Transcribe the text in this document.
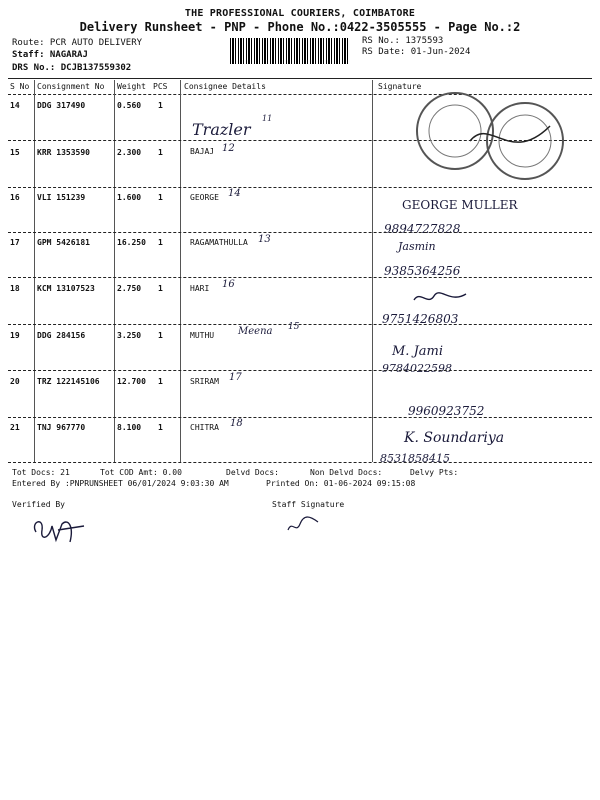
THE PROFESSIONAL COURIERS, COIMBATORE
Delivery Runsheet - PNP - Phone No.:0422-3505555 - Page No.:2
Route: PCR AUTO DELIVERY
Staff: NAGARAJ
DRS No.: DCJB137559302
RS No.: 1375593
RS Date: 01-Jun-2024
S No Consignment No Weight PCS Consignee Details	Signature
14 DDG 317490	0.560 1
Trazler
11
15 KRR 1353590	2.300 1	BAJAJ 12
16 VLI 151239	1.600 1	GEORGE 14
GEORGE MULLER
9894727828
17 GPM 5426181	16.250 1	RAGAMATHULLA 13
Jasmin
9385364256
18 KCM 13107523	2.750 1	HARI 16
9751426803
19 DDG 284156	3.250 1	MUTHU Meena 15
M. Jami
9784022598
20 TRZ 122145106 12.700 1	SRIRAM 17
9960923752
21 TNJ 967770	8.100 1	CHITRA 18
K. Soundariya
8531858415
Tot Docs: 21	Tot COD Amt: 0.00	Delvd Docs:	Non Delvd Docs:	Delvy Pts:
Entered By :PNPRUNSHEET 06/01/2024 9:03:30 AM	Printed On: 01-06-2024 09:15:08
Verified By	Staff Signature
